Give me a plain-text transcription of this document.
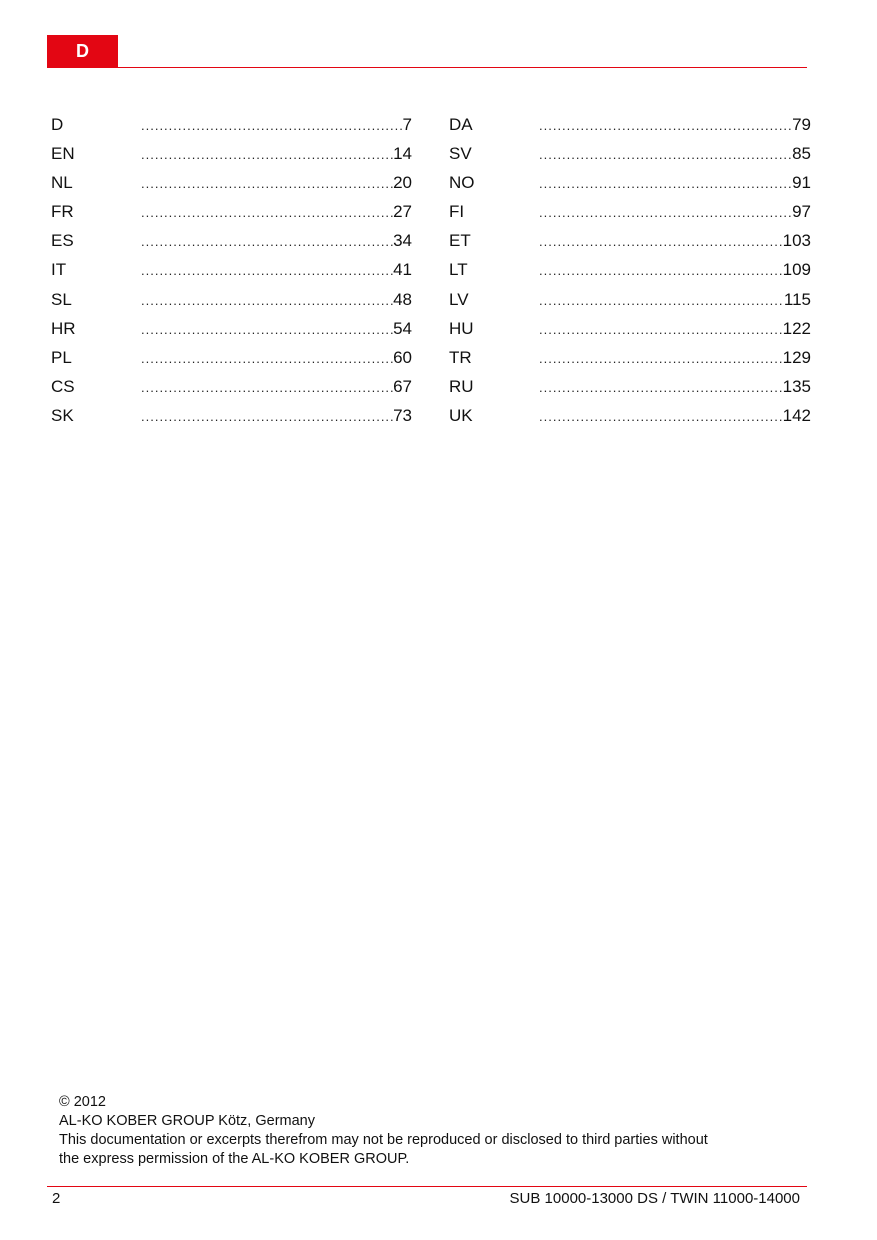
D
D .....	7
EN .....	14
NL .....	20
FR .....	27
ES .....	34
IT .....	41
SL .....	48
HR .....	54
PL .....	60
CS .....	67
SK .....	73
DA .....	79
SV .....	85
NO .....	91
FI .....	97
ET .....	103
LT .....	109
LV .....	115
HU .....	122
TR .....	129
RU .....	135
UK .....	142
© 2012
AL-KO KOBER GROUP Kötz, Germany
This documentation or excerpts therefrom may not be reproduced or disclosed to third parties without
the express permission of the AL-KO KOBER GROUP.
2	SUB 10000-13000 DS / TWIN 11000-14000
